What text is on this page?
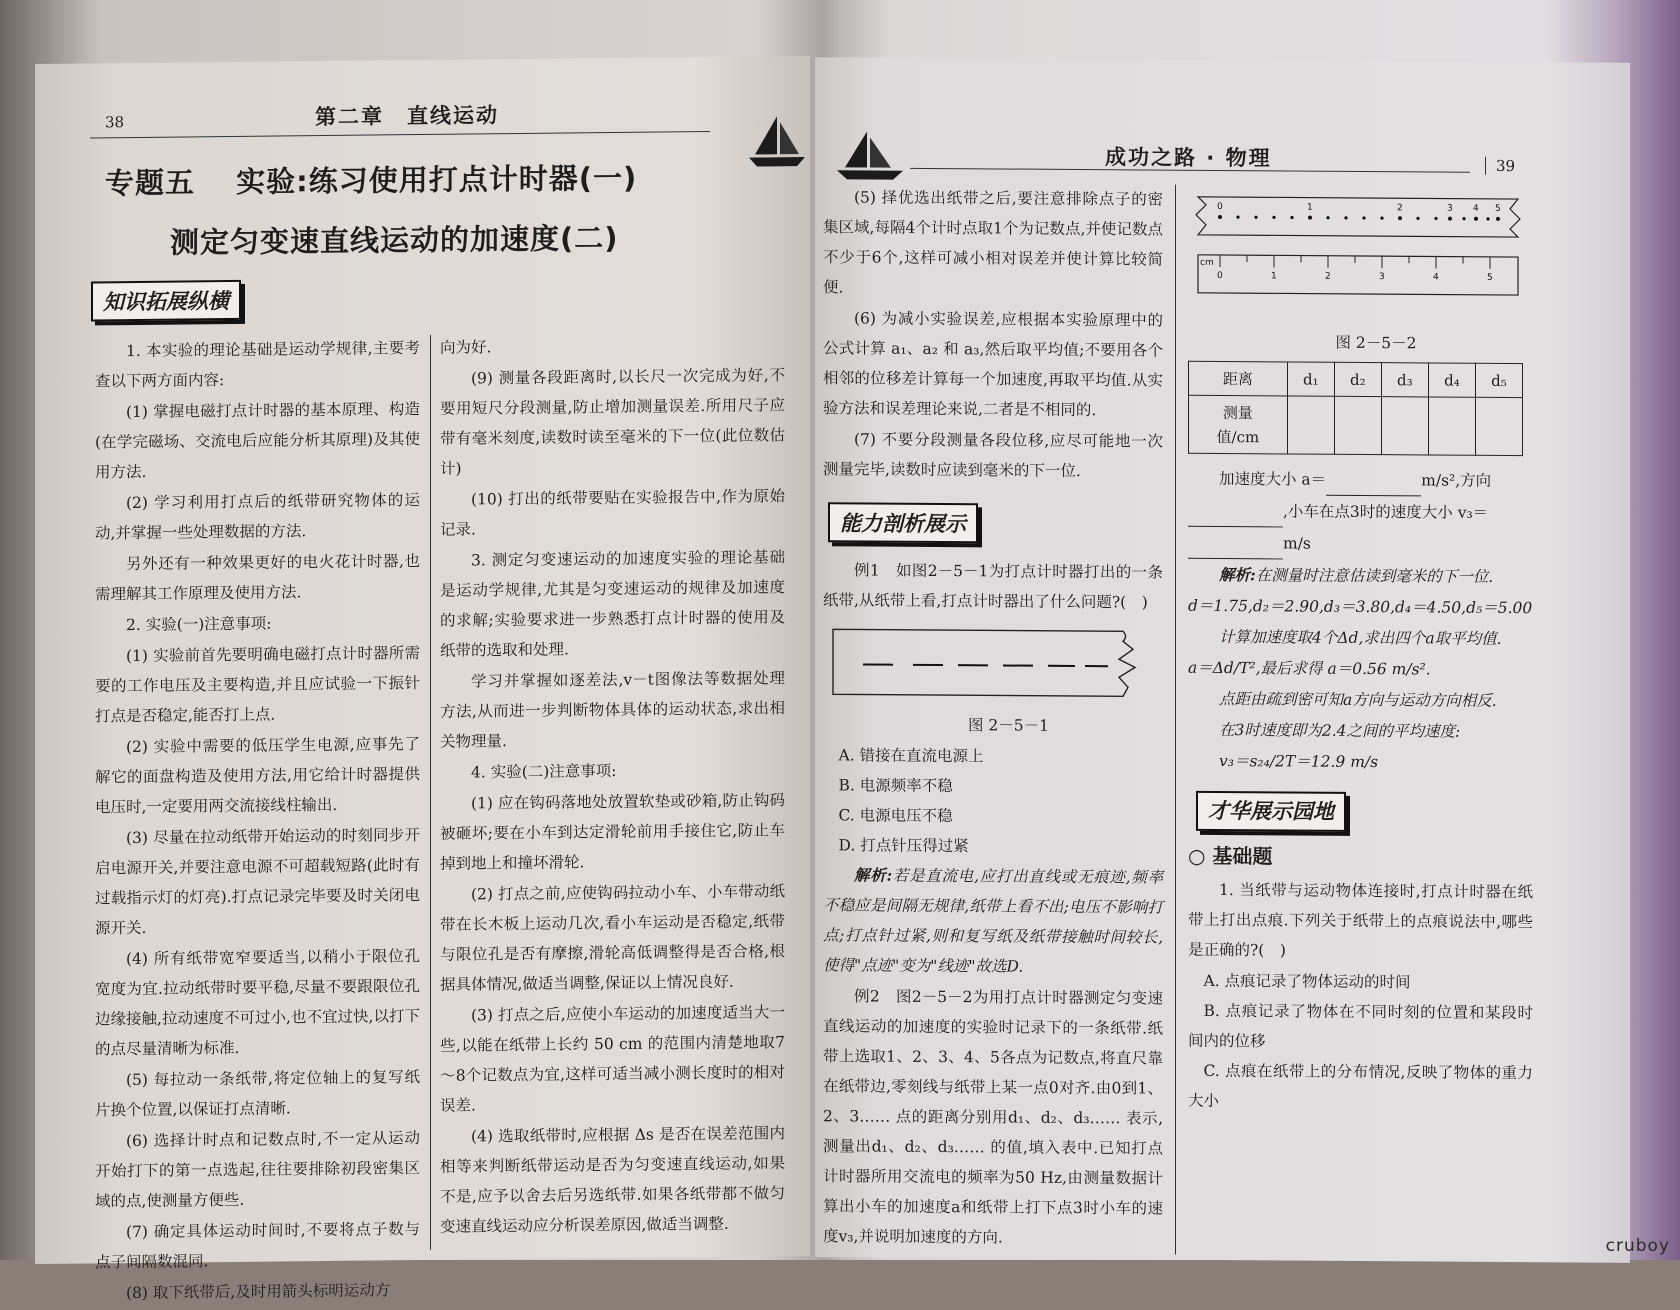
38	第二章　直线运动
专题五　 实验:练习使用打点计时器(一)
测定匀变速直线运动的加速度(二)
知识拓展纵横

1. 本实验的理论基础是运动学规律,主要考查以下两方面内容:

(1) 掌握电磁打点计时器的基本原理、构造(在学完磁场、交流电后应能分析其原理)及其使用方法.

(2) 学习利用打点后的纸带研究物体的运动,并掌握一些处理数据的方法.

另外还有一种效果更好的电火花计时器,也需理解其工作原理及使用方法.

2. 实验(一)注意事项:

(1) 实验前首先要明确电磁打点计时器所需要的工作电压及主要构造,并且应试验一下振针打点是否稳定,能否打上点.

(2) 实验中需要的低压学生电源,应事先了解它的面盘构造及使用方法,用它给计时器提供电压时,一定要用两交流接线柱输出.

(3) 尽量在拉动纸带开始运动的时刻同步开启电源开关,并要注意电源不可超载短路(此时有过载指示灯的灯亮).打点记录完毕要及时关闭电源开关.

(4) 所有纸带宽窄要适当,以稍小于限位孔宽度为宜.拉动纸带时要平稳,尽量不要跟限位孔边缘接触,拉动速度不可过小,也不宜过快,以打下的点尽量清晰为标准.

(5) 每拉动一条纸带,将定位轴上的复写纸片换个位置,以保证打点清晰.

(6) 选择计时点和记数点时,不一定从运动开始打下的第一点选起,往往要排除初段密集区域的点,使测量方便些.

(7) 确定具体运动时间时,不要将点子数与点子间隔数混同.

(8) 取下纸带后,及时用箭头标明运动方

向为好.

(9) 测量各段距离时,以长尺一次完成为好,不要用短尺分段测量,防止增加测量误差.所用尺子应带有毫米刻度,读数时读至毫米的下一位(此位数估计)

(10) 打出的纸带要贴在实验报告中,作为原始记录.

3. 测定匀变速运动的加速度实验的理论基础是运动学规律,尤其是匀变速运动的规律及加速度的求解;实验要求进一步熟悉打点计时器的使用及纸带的选取和处理.

学习并掌握如逐差法,v－t图像法等数据处理方法,从而进一步判断物体具体的运动状态,求出相关物理量.

4. 实验(二)注意事项:

(1) 应在钩码落地处放置软垫或砂箱,防止钩码被砸坏;要在小车到达定滑轮前用手接住它,防止车掉到地上和撞坏滑轮.

(2) 打点之前,应使钩码拉动小车、小车带动纸带在长木板上运动几次,看小车运动是否稳定,纸带与限位孔是否有摩擦,滑轮高低调整得是否合格,根据具体情况,做适当调整,保证以上情况良好.

(3) 打点之后,应使小车运动的加速度适当大一些,以能在纸带上长约 50 cm 的范围内清楚地取7～8个记数点为宜,这样可适当减小测长度时的相对误差.

(4) 选取纸带时,应根据 Δs 是否在误差范围内相等来判断纸带运动是否为匀变速直线运动,如果不是,应予以舍去后另选纸带.如果各纸带都不做匀变速直线运动应分析误差原因,做适当调整.

成功之路 · 物理	39

(5) 择优选出纸带之后,要注意排除点子的密集区域,每隔4个计时点取1个为记数点,并使记数点不少于6个,这样可减小相对误差并使计算比较简便.

(6) 为减小实验误差,应根据本实验原理中的公式计算 a₁、a₂ 和 a₃,然后取平均值;不要用各个相邻的位移差计算每一个加速度,再取平均值.从实验方法和误差理论来说,二者是不相同的.

(7) 不要分段测量各段位移,应尽可能地一次测量完毕,读数时应读到毫米的下一位.

能力剖析展示

例1　如图2－5－1为打点计时器打出的一条纸带,从纸带上看,打点计时器出了什么问题?(　)

图 2－5－1

A. 错接在直流电源上

B. 电源频率不稳

C. 电源电压不稳

D. 打点针压得过紧

解析:若是直流电,应打出直线或无痕迹,频率不稳应是间隔无规律,纸带上看不出;电压不影响打点;打点针过紧,则和复写纸及纸带接触时间较长,使得"点迹"变为"线迹"故选D.

例2　图2－5－2为用打点计时器测定匀变速直线运动的加速度的实验时记录下的一条纸带.纸带上选取1、2、3、4、5各点为记数点,将直尺靠在纸带边,零刻线与纸带上某一点0对齐.由0到1、2、3…… 点的距离分别用d₁、d₂、d₃…… 表示,测量出d₁、d₂、d₃…… 的值,填入表中.已知打点计时器所用交流电的频率为50 Hz,由测量数据计算出小车的加速度a和纸带上打下点3时小车的速度v₃,并说明加速度的方向.

0	1	2	3 4 5
cm
0	1	2	3	4	5

图 2－5－2

距离	d₁	d₂	d₃	d₄	d₅
测量
值/cm					

加速度大小 a＝	m/s²,方向

,小车在点3时的速度大小 v₃＝

m/s

解析:在测量时注意估读到毫米的下一位.

d＝1.75,d₂＝2.90,d₃＝3.80,d₄＝4.50,d₅＝5.00

计算加速度取4个Δd,求出四个a取平均值.

a＝Δd/T²,最后求得 a＝0.56 m/s².

点距由疏到密可知a方向与运动方向相反.

在3时速度即为2.4之间的平均速度:

v₃＝s₂₄/2T＝12.9 m/s

才华展示园地

○ 基础题

1. 当纸带与运动物体连接时,打点计时器在纸带上打出点痕.下列关于纸带上的点痕说法中,哪些是正确的?(　)

A. 点痕记录了物体运动的时间

B. 点痕记录了物体在不同时刻的位置和某段时间内的位移

C. 点痕在纸带上的分布情况,反映了物体的重力大小

cruboy
